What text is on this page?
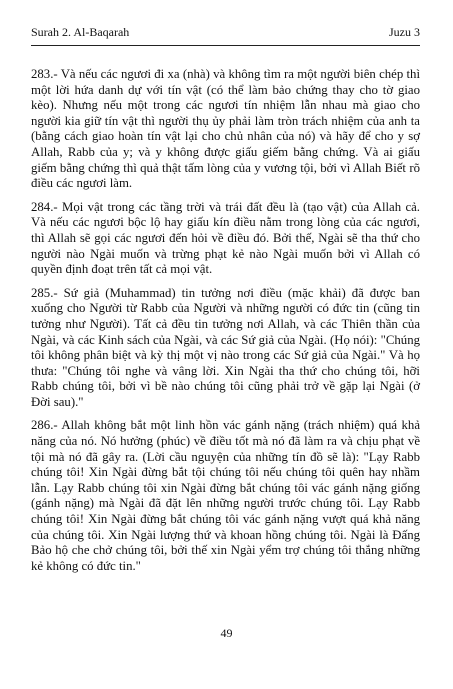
Surah 2. Al-Baqarah	Juzu 3

283.- Và nếu các ngươi đi xa (nhà) và không tìm ra một người biên chép thì một lời hứa danh dự với tín vật (có thể làm bảo chứng thay cho tờ giao kèo). Nhưng nếu một trong các ngươi tín nhiệm lẫn nhau mà giao cho người kia giữ tín vật thì người thụ ủy phải làm tròn trách nhiệm của anh ta (bằng cách giao hoàn tín vật lại cho chủ nhân của nó) và hãy để cho y sợ Allah, Rabb của y; và y không được giấu giếm bằng chứng. Và ai giấu giếm bằng chứng thì quả thật tấm lòng của y vương tội, bởi vì Allah Biết rõ điều các ngươi làm.

284.- Mọi vật trong các tầng trời và trái đất đều là (tạo vật) của Allah cả. Và nếu các ngươi bộc lộ hay giấu kín điều nằm trong lòng của các ngươi, thì Allah sẽ gọi các ngươi đến hỏi về điều đó. Bởi thế, Ngài sẽ tha thứ cho người nào Ngài muốn và trừng phạt kẻ nào Ngài muốn bởi vì Allah có quyền định đoạt trên tất cả mọi vật.

285.- Sứ giả (Muhammad) tin tưởng nơi điều (mặc khải) đã được ban xuống cho Người từ Rabb của Người và những người có đức tin (cũng tin tưởng như Người). Tất cả đều tin tưởng nơi Allah, và các Thiên thần của Ngài, và các Kinh sách của Ngài, và các Sứ giả của Ngài. (Họ nói): "Chúng tôi không phân biệt và kỳ thị một vị nào trong các Sứ giả của Ngài." Và họ thưa: "Chúng tôi nghe và vâng lời. Xin Ngài tha thứ cho chúng tôi, hỡi Rabb chúng tôi, bởi vì bề nào chúng tôi cũng phải trở về gặp lại Ngài (ở Đời sau)."

286.- Allah không bắt một linh hồn vác gánh nặng (trách nhiệm) quá khả năng của nó. Nó hưởng (phúc) về điều tốt mà nó đã làm ra và chịu phạt về tội mà nó đã gây ra. (Lời cầu nguyện của những tín đồ sẽ là): "Lạy Rabb chúng tôi! Xin Ngài đừng bắt tội chúng tôi nếu chúng tôi quên hay nhầm lẫn. Lạy Rabb chúng tôi xin Ngài đừng bắt chúng tôi vác gánh nặng giống (gánh nặng) mà Ngài đã đặt lên những người trước chúng tôi. Lạy Rabb chúng tôi! Xin Ngài đừng bắt chúng tôi vác gánh nặng vượt quá khả năng của chúng tôi. Xin Ngài lượng thứ và khoan hồng chúng tôi. Ngài là Đấng Bảo hộ che chở chúng tôi, bởi thế xin Ngài yểm trợ chúng tôi thắng những kẻ không có đức tin."

49
